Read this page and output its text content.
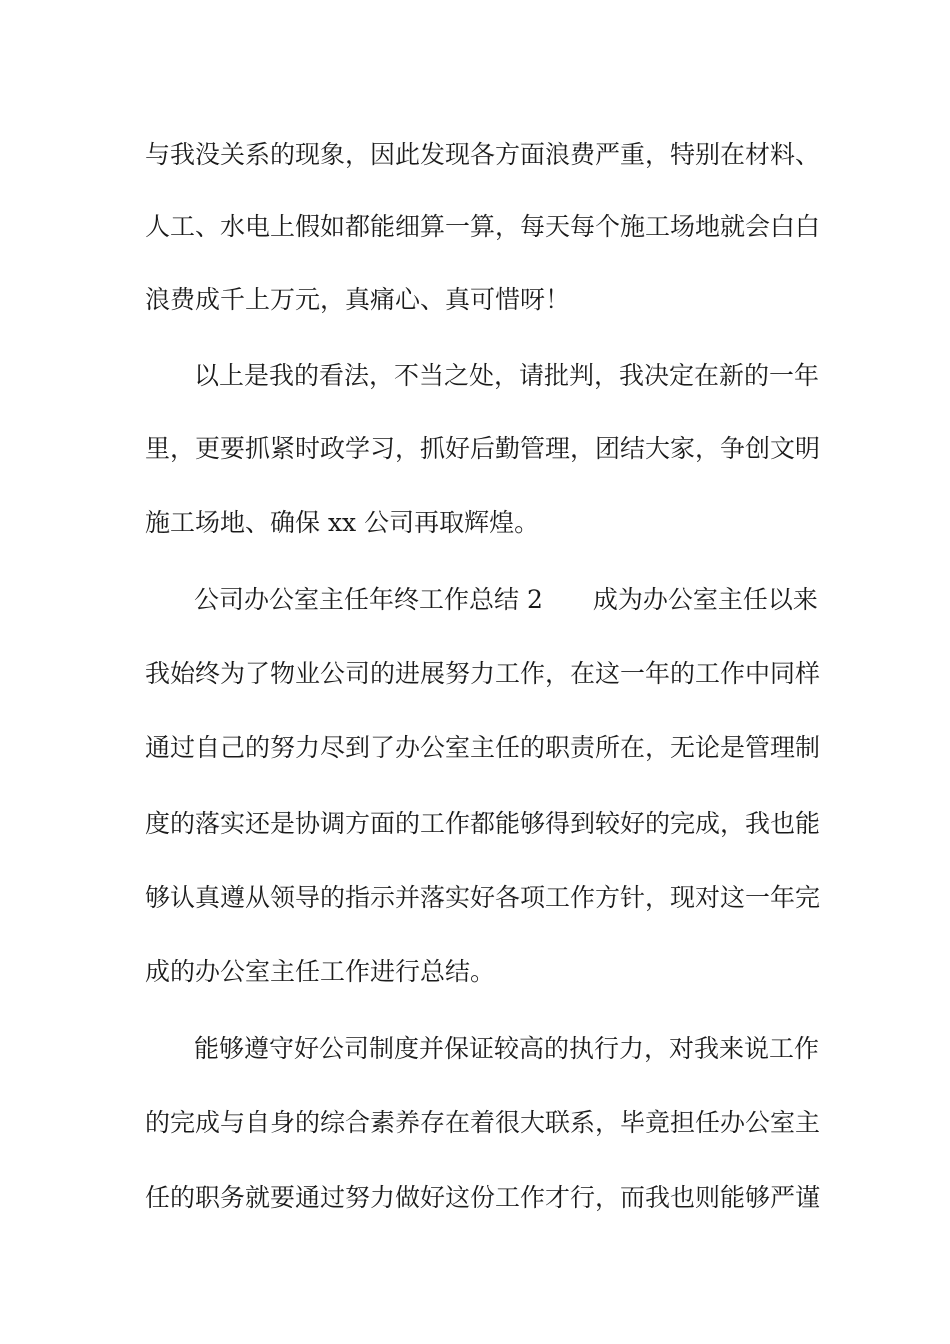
与我没关系的现象，因此发现各方面浪费严重，特别在材料、
人工、水电上假如都能细算一算，每天每个施工场地就会白白
浪费成千上万元，真痛心、真可惜呀！
以上是我的看法，不当之处，请批判，我决定在新的一年
里，更要抓紧时政学习，抓好后勤管理，团结大家，争创文明
施工场地、确保 xx 公司再取辉煌。
公司办公室主任年终工作总结 2 成为办公室主任以来
我始终为了物业公司的进展努力工作，在这一年的工作中同样
通过自己的努力尽到了办公室主任的职责所在，无论是管理制
度的落实还是协调方面的工作都能够得到较好的完成，我也能
够认真遵从领导的指示并落实好各项工作方针，现对这一年完
成的办公室主任工作进行总结。
能够遵守好公司制度并保证较高的执行力，对我来说工作
的完成与自身的综合素养存在着很大联系，毕竟担任办公室主
任的职务就要通过努力做好这份工作才行，而我也则能够严谨
